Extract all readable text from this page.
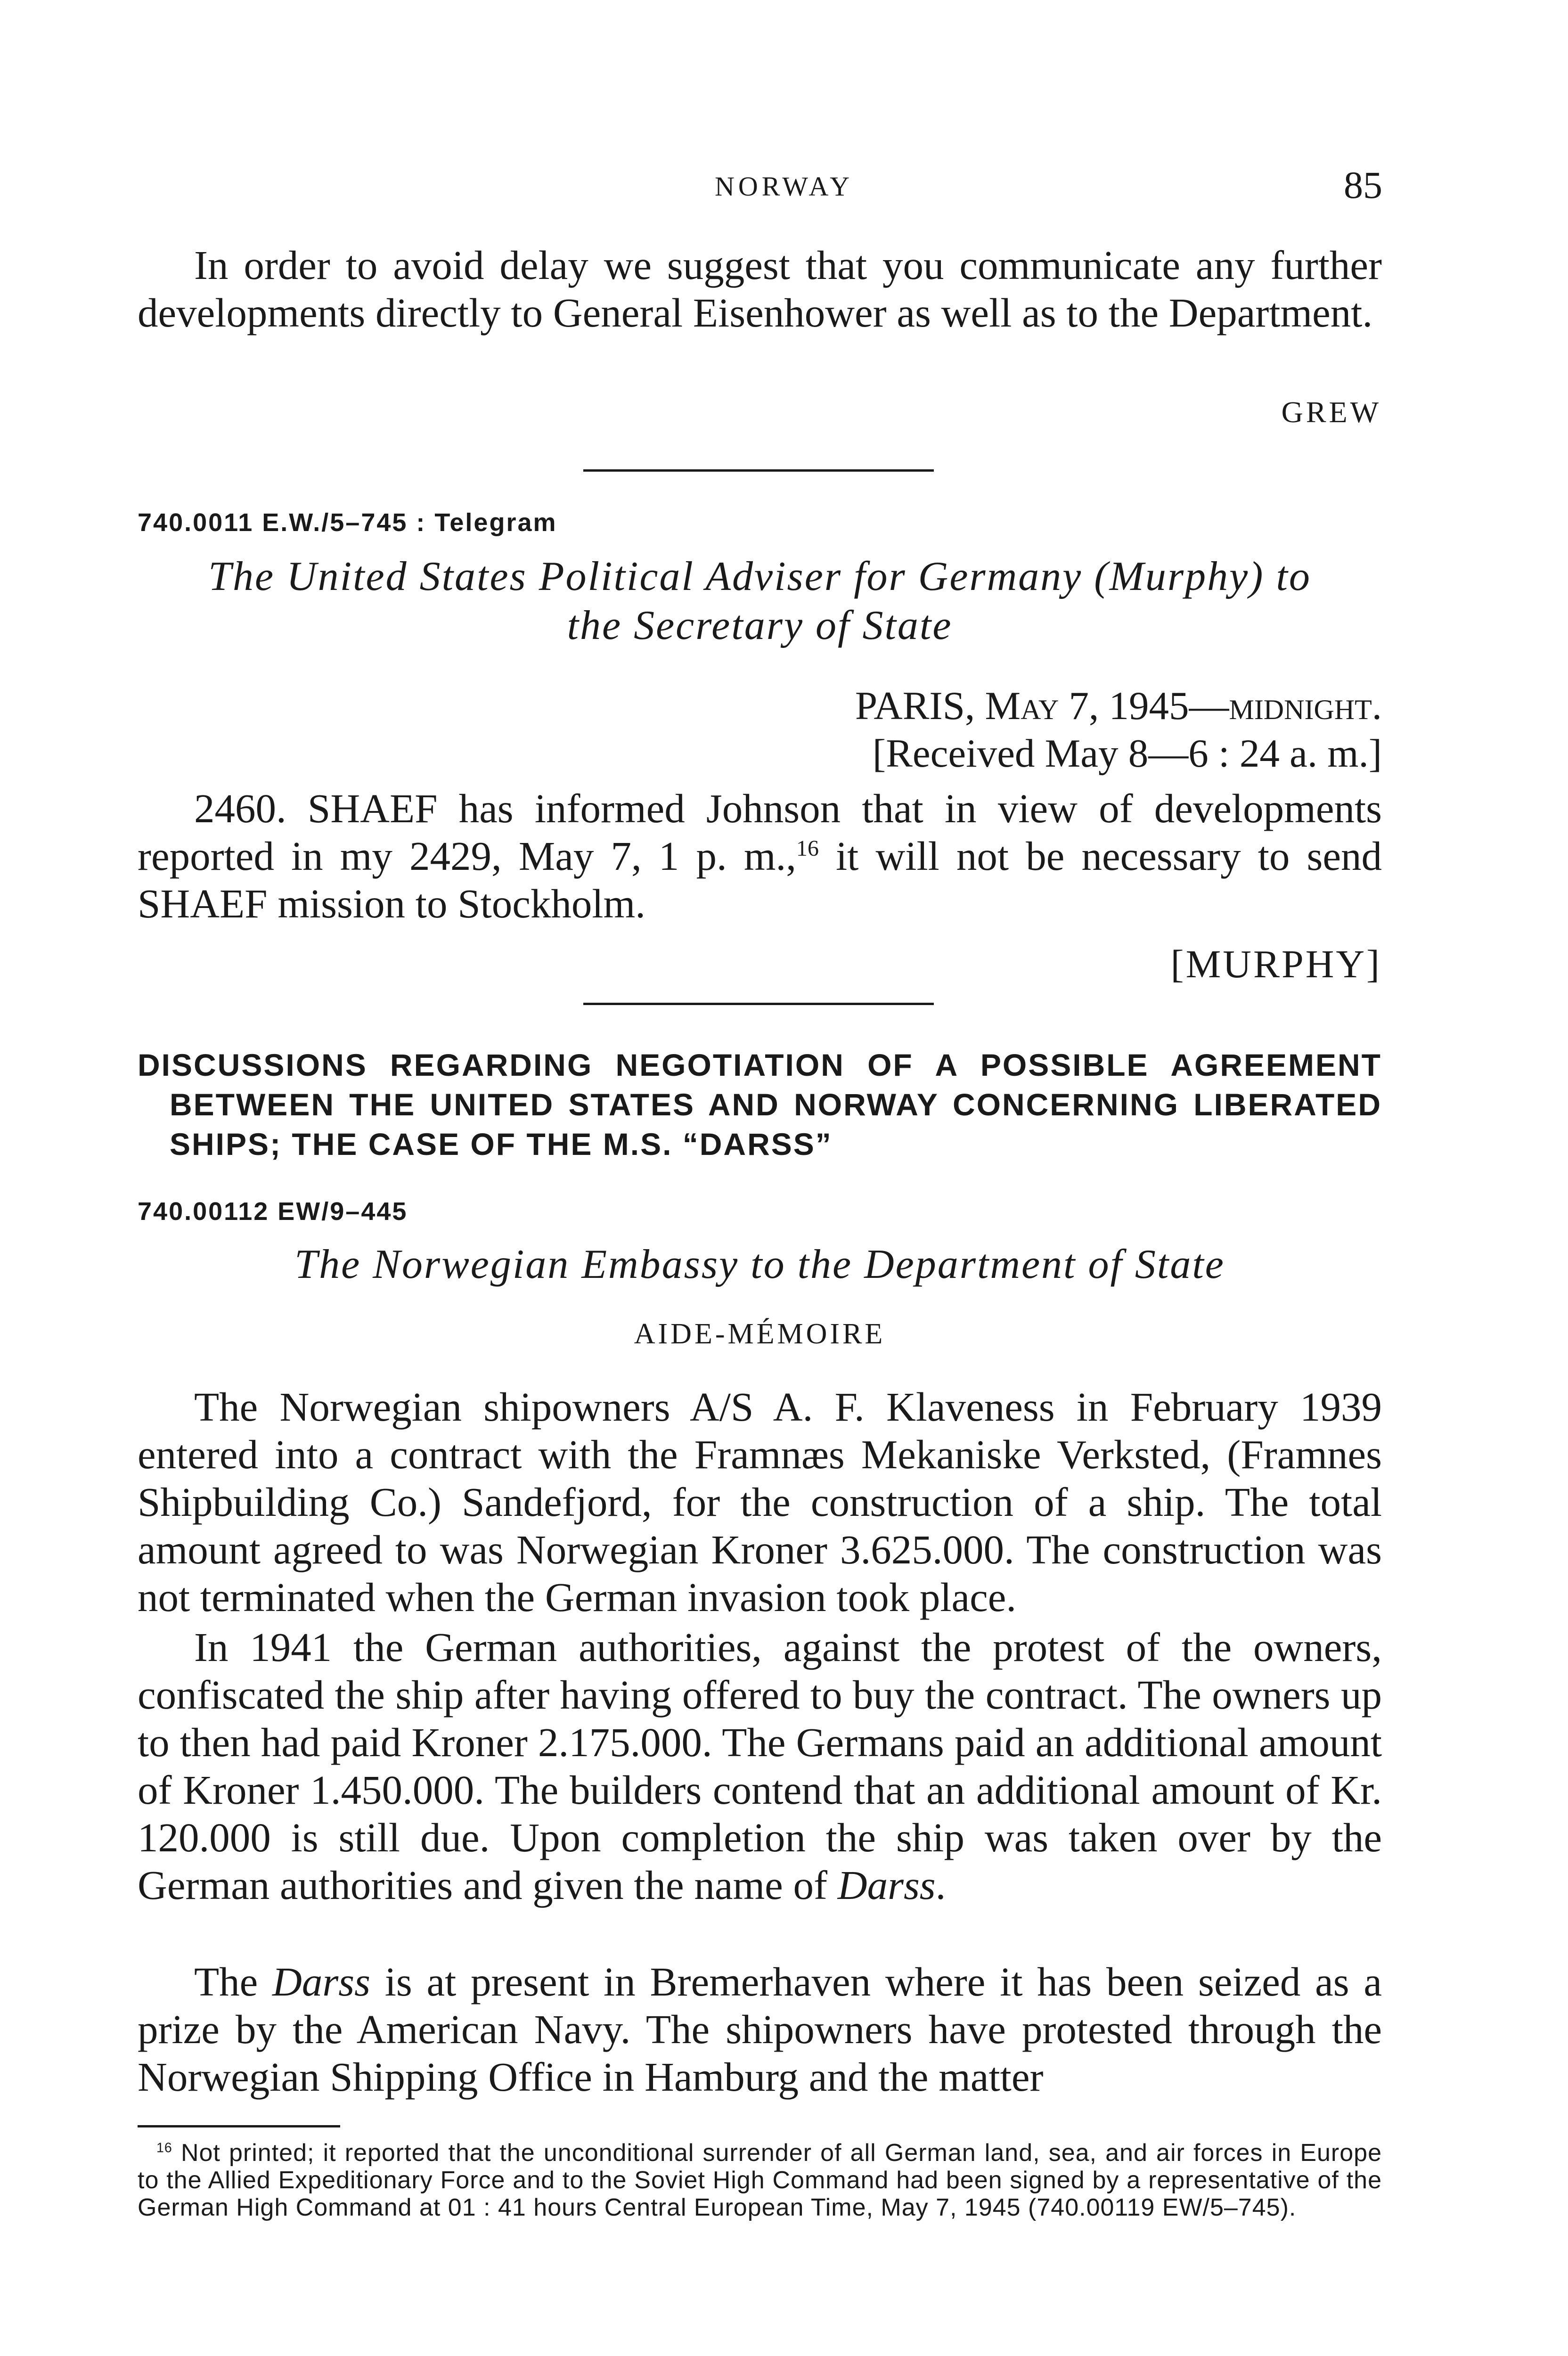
NORWAY	85

In order to avoid delay we suggest that you communicate any further developments directly to General Eisenhower as well as to the Department.

GREW
740.0011 E.W./5–745 : Telegram
The United States Political Adviser for Germany (Murphy) to
the Secretary of State
PARIS, May 7, 1945—midnight.
[Received May 8—6 : 24 a. m.]

2460. SHAEF has informed Johnson that in view of developments reported in my 2429, May 7, 1 p. m.,$^{16}$ it will not be necessary to send SHAEF mission to Stockholm.

[MURPHY]

DISCUSSIONS REGARDING NEGOTIATION OF A POSSIBLE AGREEMENT BETWEEN THE UNITED STATES AND NORWAY CONCERNING LIBERATED SHIPS; THE CASE OF THE M.S. “DARSS”

740.00112 EW/9–445
The Norwegian Embassy to the Department of State
AIDE-MÉMOIRE

The Norwegian shipowners A/S A. F. Klaveness in February 1939 entered into a contract with the Framnæs Mekaniske Verksted, (Framnes Shipbuilding Co.) Sandefjord, for the construction of a ship. The total amount agreed to was Norwegian Kroner 3.625.000. The construction was not terminated when the German invasion took place.

In 1941 the German authorities, against the protest of the owners, confiscated the ship after having offered to buy the contract. The owners up to then had paid Kroner 2.175.000. The Germans paid an additional amount of Kroner 1.450.000. The builders contend that an additional amount of Kr. 120.000 is still due. Upon completion the ship was taken over by the German authorities and given the name of Darss.

The Darss is at present in Bremerhaven where it has been seized as a prize by the American Navy. The shipowners have protested through the Norwegian Shipping Office in Hamburg and the matter

$^{16}$ Not printed; it reported that the unconditional surrender of all German land, sea, and air forces in Europe to the Allied Expeditionary Force and to the Soviet High Command had been signed by a representative of the German High Command at 01 : 41 hours Central European Time, May 7, 1945 (740.00119 EW/5–745).
